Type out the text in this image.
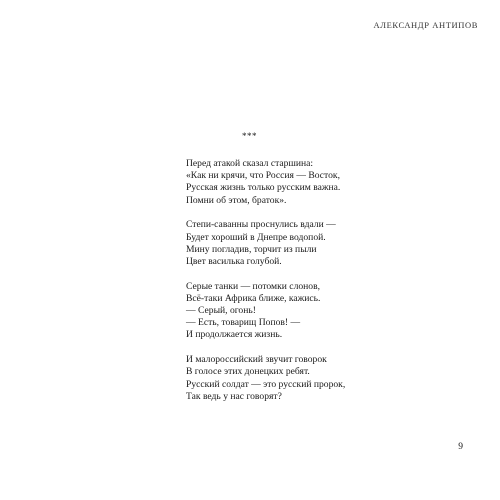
АЛЕКСАНДР АНТИПОВ
***
Перед атакой сказал старшина:
«Как ни крячи, что Россия — Восток,
Русская жизнь только русским важна.
Помни об этом, браток».
Степи-саванны проснулись вдали —
Будет хороший в Днепре водопой.
Мину погладив, торчит из пыли
Цвет василька голубой.
Серые танки — потомки слонов,
Всё-таки Африка ближе, кажись.
— Серый, огонь!
— Есть, товарищ Попов! —
И продолжается жизнь.
И малороссийский звучит говорок
В голосе этих донецких ребят.
Русский солдат — это русский пророк,
Так ведь у нас говорят?
9
